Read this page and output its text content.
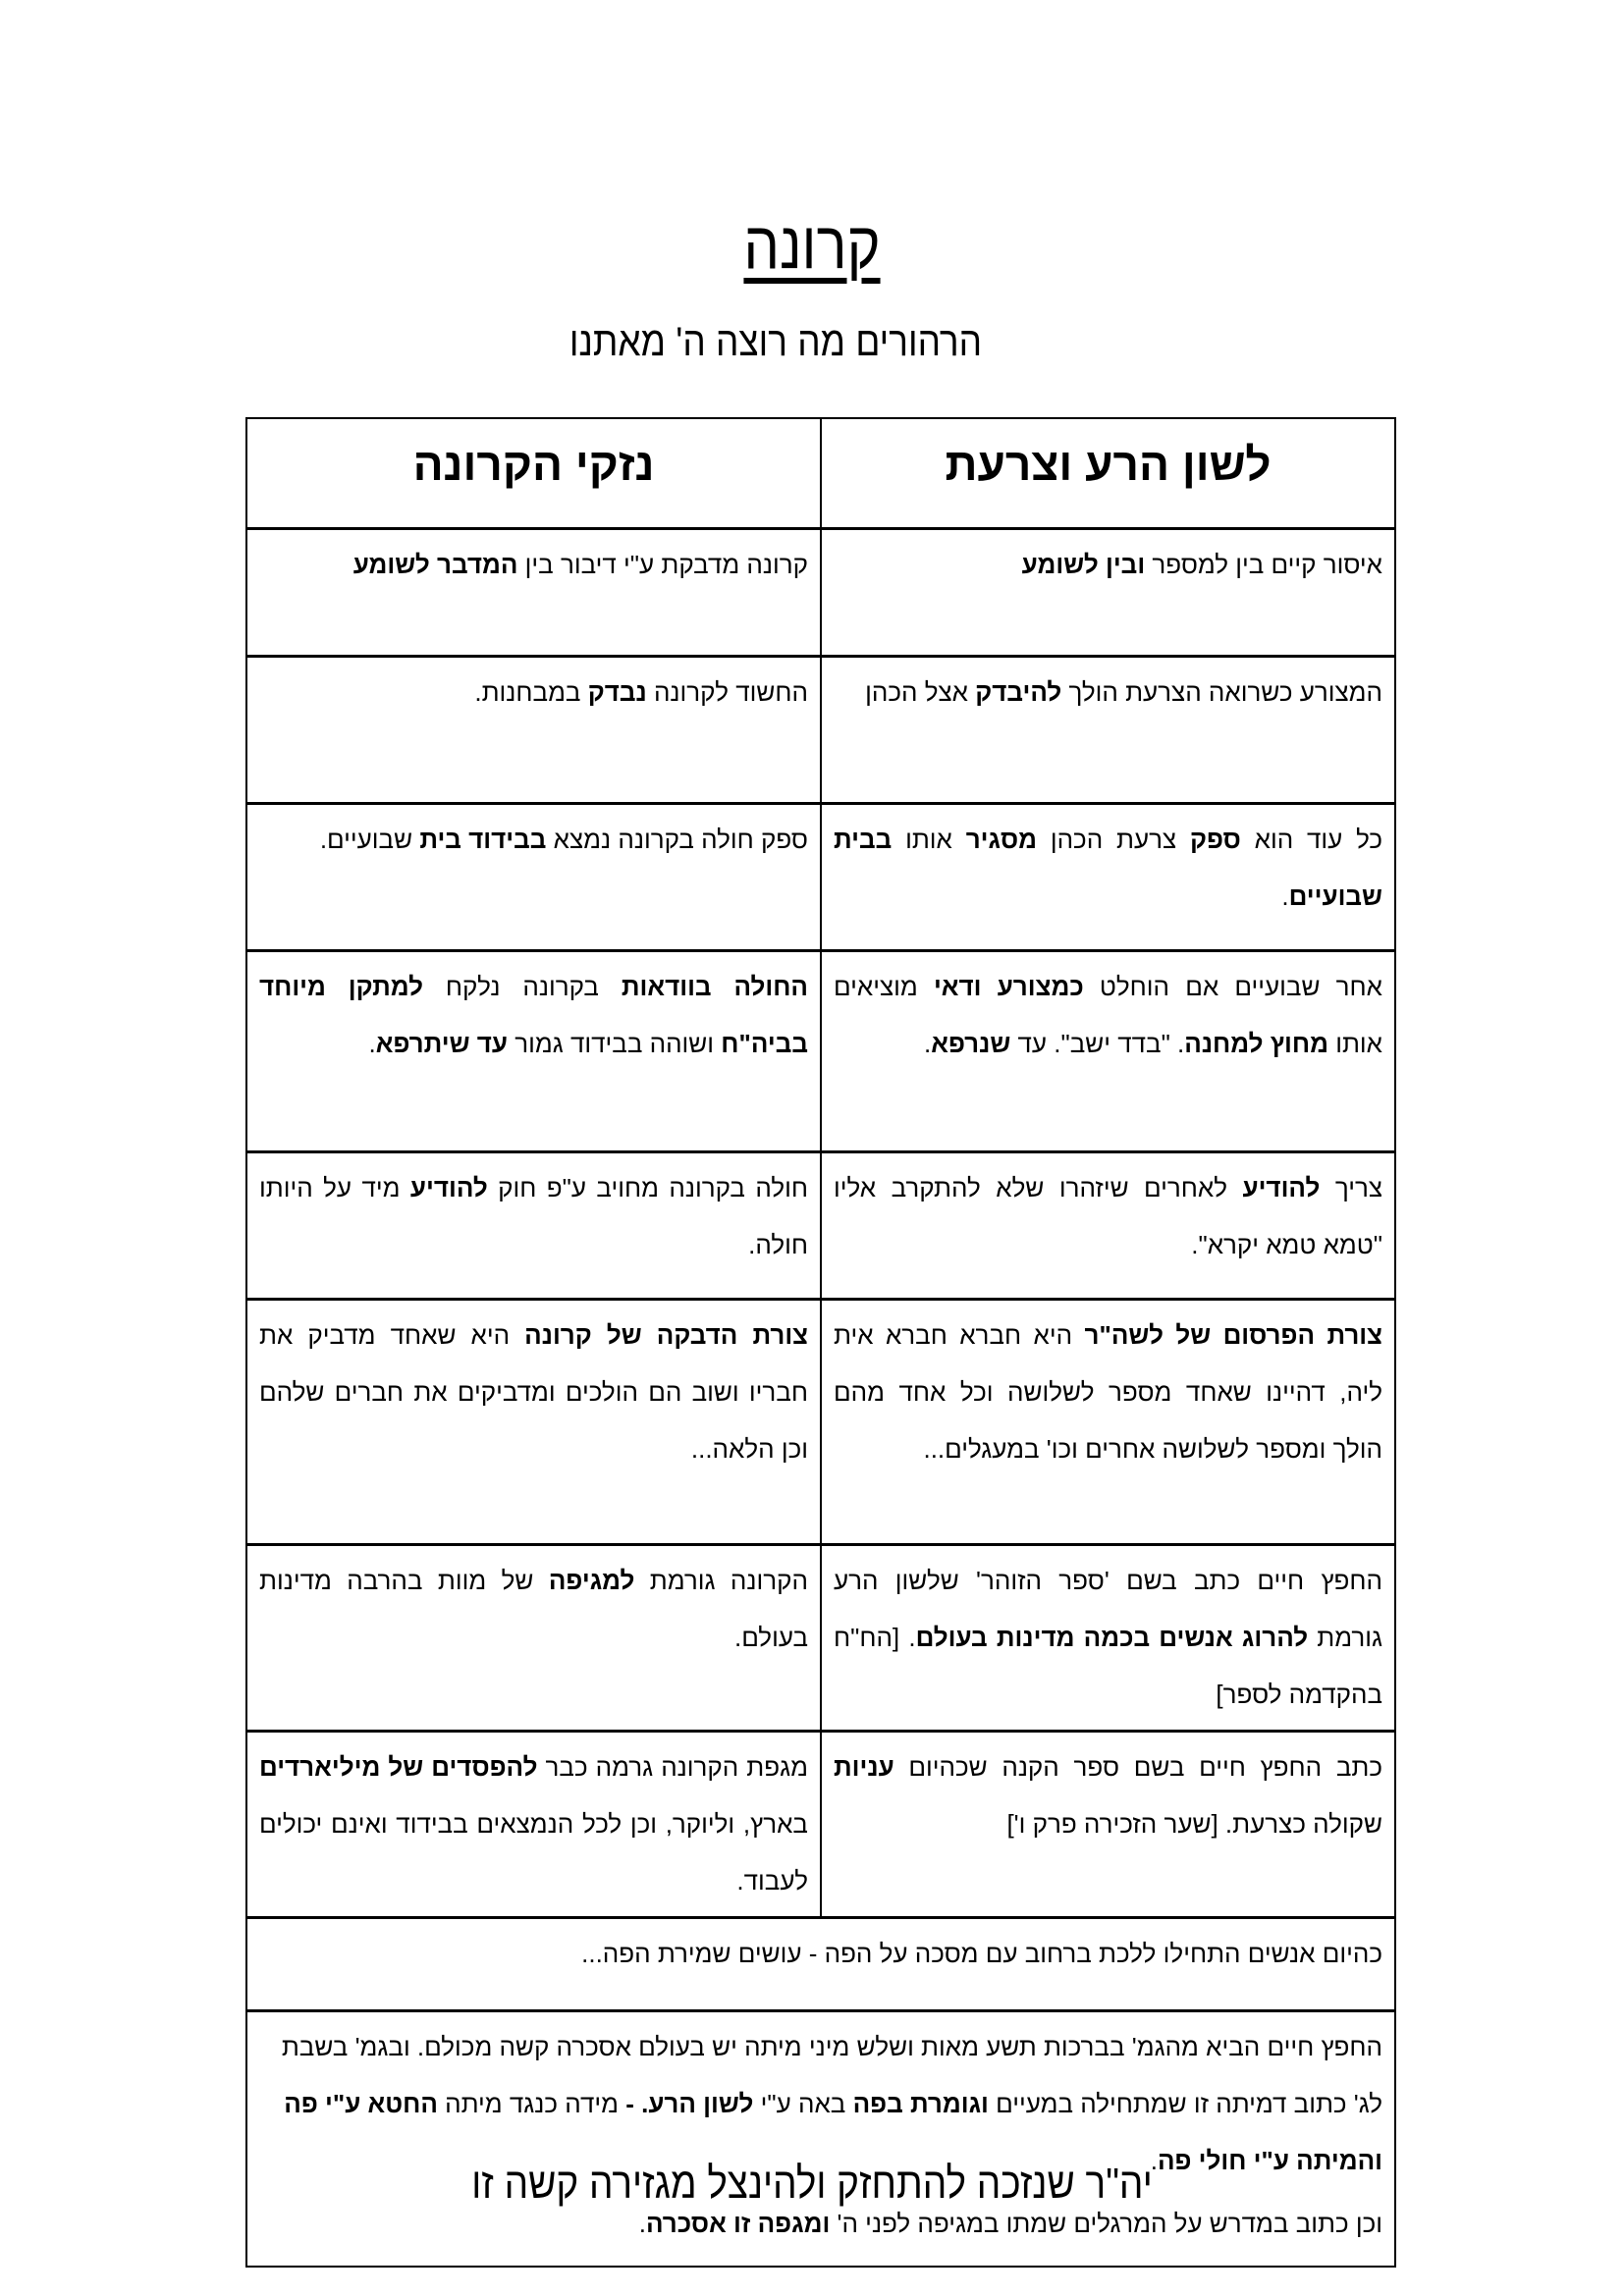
קרונה
הרהורים מה רוצה ה' מאתנו
לשון הרע וצרעת	נזקי הקרונה
איסור קיים בין למספר ובין לשומע	קרונה מדבקת ע"י דיבור בין המדבר לשומע
המצורע כשרואה הצרעת הולך להיבדק אצל הכהן	החשוד לקרונה נבדק במבחנות.
כל עוד הוא ספק צרעת הכהן מסגיר אותו בבית שבועיים.	ספק חולה בקרונה נמצא בבידוד בית שבועיים.
אחר שבועיים אם הוחלט כמצורע ודאי מוציאים אותו מחוץ למחנה. "בדד ישב". עד שנרפא.	החולה בוודאות בקרונה נלקח למתקן מיוחד בביה"ח ושוהה בבידוד גמור עד שיתרפא.
צריך להודיע לאחרים שיזהרו שלא להתקרב אליו "טמא טמא יקרא".	חולה בקרונה מחויב ע"פ חוק להודיע מיד על היותו חולה.
צורת הפרסום של לשה"ר היא חברא חברא אית ליה, דהיינו שאחד מספר לשלושה וכל אחד מהם הולך ומספר לשלושה אחרים וכו' במעגלים...	צורת הדבקה של קרונה היא שאחד מדביק את חבריו ושוב הם הולכים ומדביקים את חברים שלהם וכן הלאה...
החפץ חיים כתב בשם 'ספר הזוהר' שלשון הרע גורמת להרוג אנשים בכמה מדינות בעולם. [הח"ח בהקדמה לספר]	הקרונה גורמת למגיפה של מוות בהרבה מדינות בעולם.
כתב החפץ חיים בשם ספר הקנה שכהיום עניות שקולה כצרעת. [שער הזכירה פרק ו']	מגפת הקרונה גרמה כבר להפסדים של מיליארדים בארץ, וליוקר, וכן לכל הנמצאים בבידוד ואינם יכולים לעבוד.

כהיום אנשים התחילו ללכת ברחוב עם מסכה על הפה - עושים שמירת הפה...	

החפץ חיים הביא מהגמ' בברכות תשע מאות ושלש מיני מיתה יש בעולם אסכרה קשה מכולם. ובגמ' בשבת לג' כתוב דמיתה זו שמתחילה במעיים וגומרת בפה באה ע"י לשון הרע. - מידה כנגד מיתה החטא ע"י פה והמיתה ע"י חולי פה.
וכן כתוב במדרש על המרגלים שמתו במגיפה לפני ה' ומגפה זו אסכרה.	
יה"ר שנזכה להתחזק ולהינצל מגזירה קשה זו
